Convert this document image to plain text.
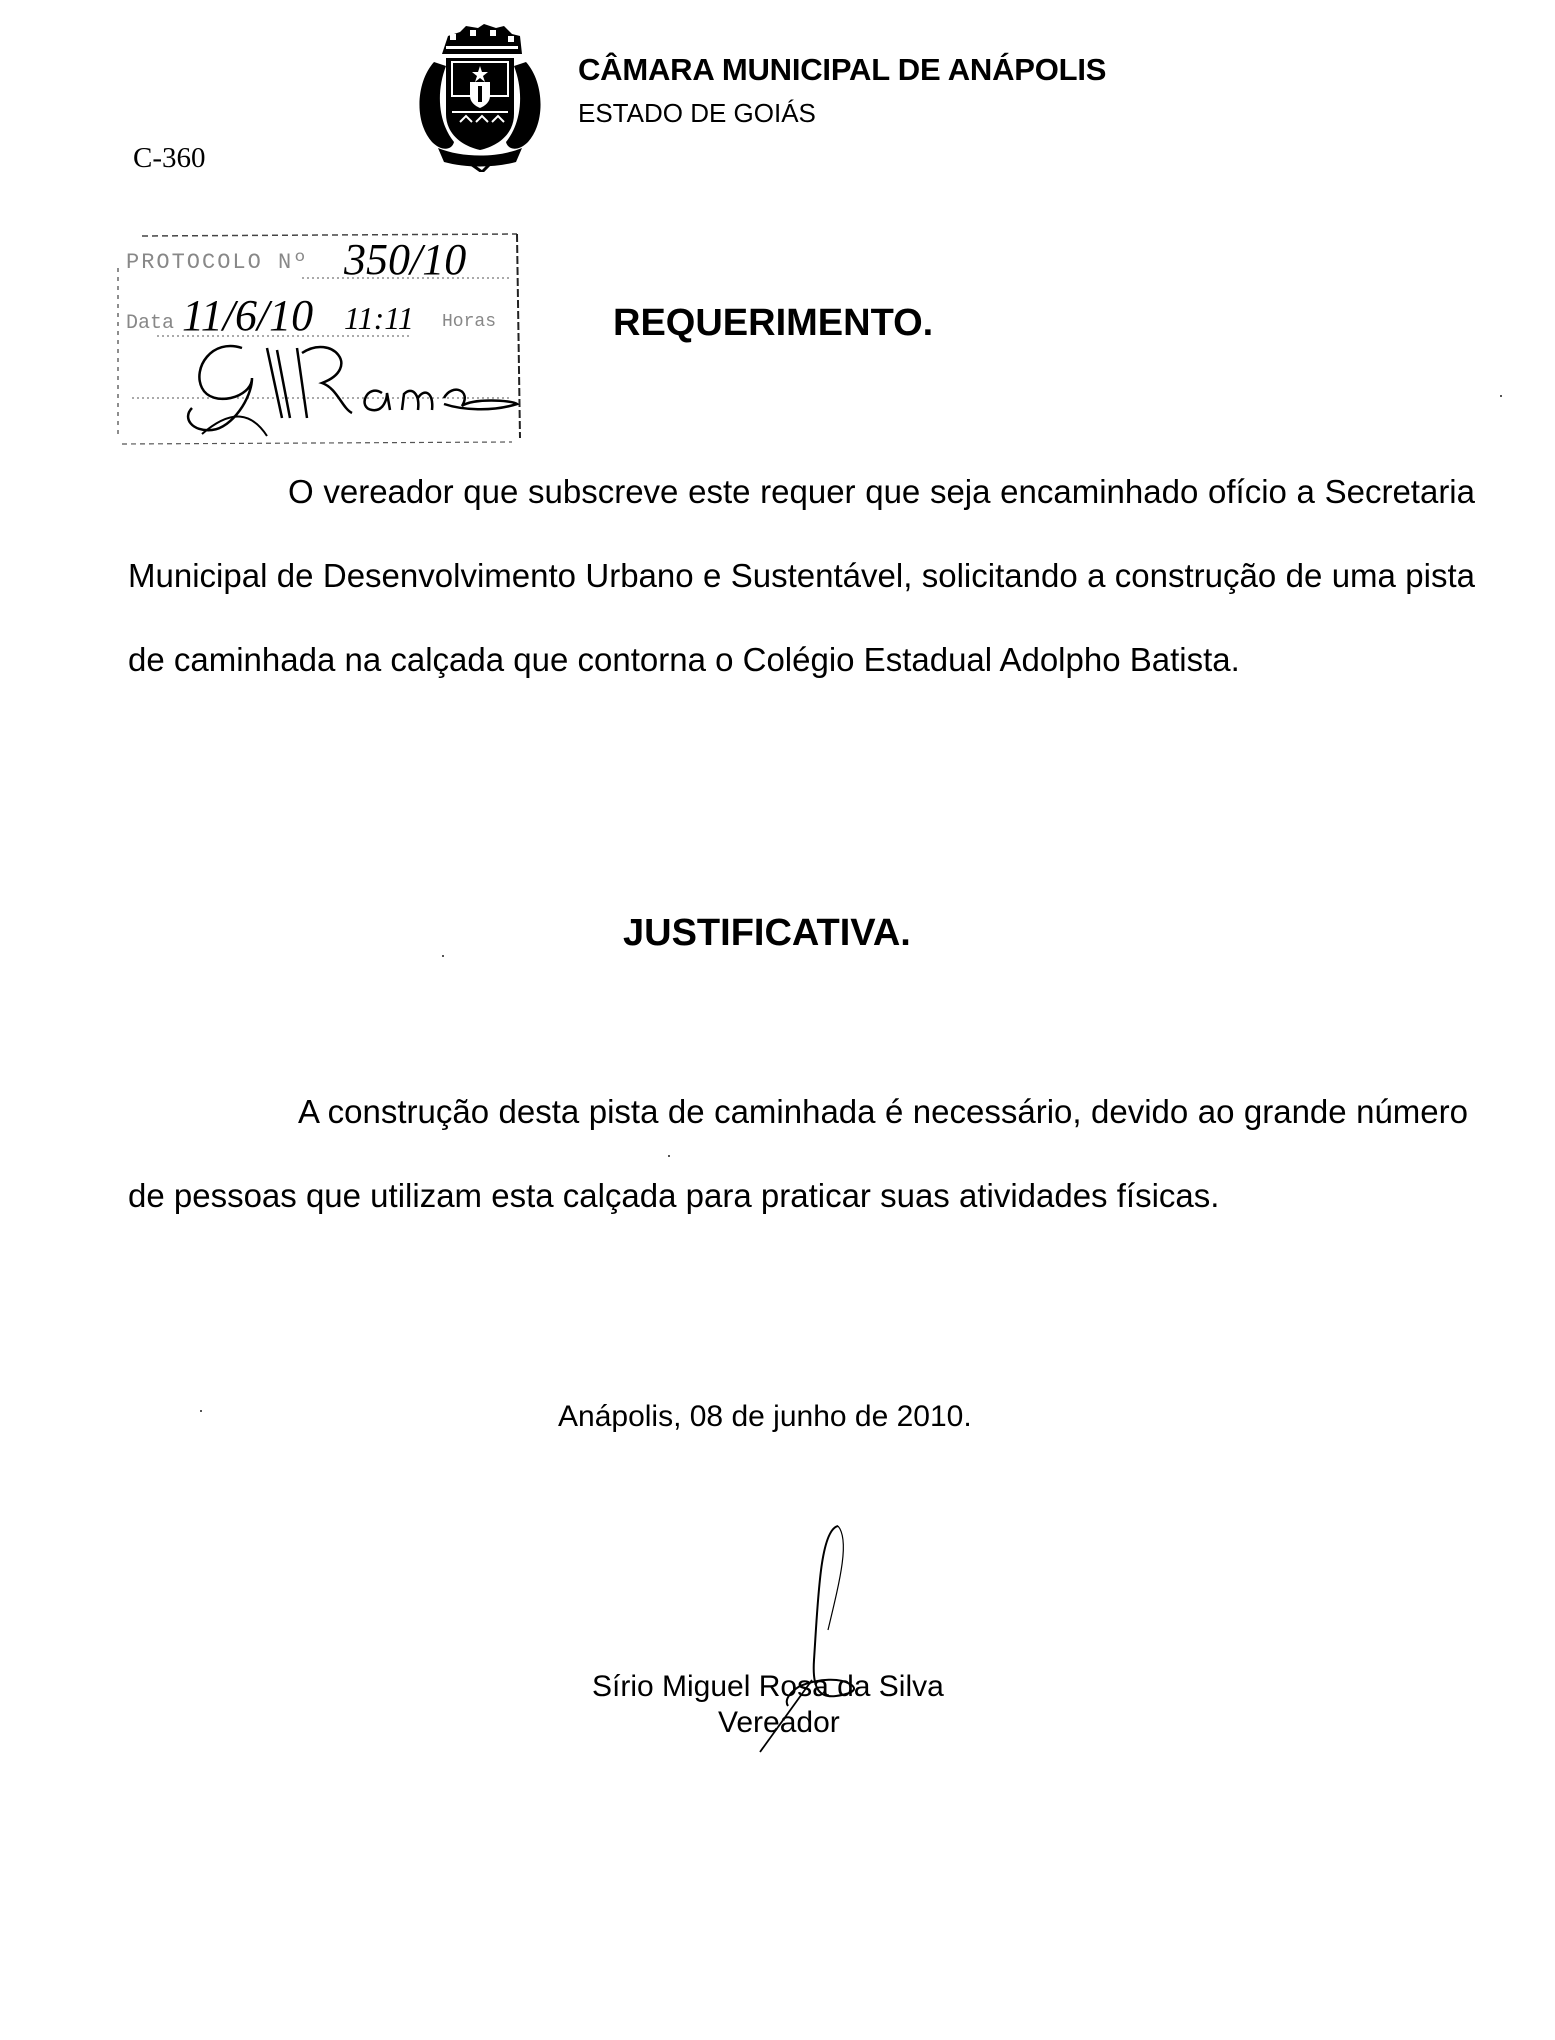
CÂMARA MUNICIPAL DE ANÁPOLIS
ESTADO DE GOIÁS
C-360
PROTOCOLO Nº 350/10
Data 11/6/10 11:11 Horas	REQUERIMENTO.
O vereador que subscreve este requer que seja encaminhado ofício a Secretaria Municipal de Desenvolvimento Urbano e Sustentável, solicitando a construção de uma pista de caminhada na calçada que contorna o Colégio Estadual Adolpho Batista.
JUSTIFICATIVA.
A construção desta pista de caminhada é necessário, devido ao grande número de pessoas que utilizam esta calçada para praticar suas atividades físicas.
Anápolis, 08 de junho de 2010.
Sírio Miguel Rosa da Silva
Vereador
